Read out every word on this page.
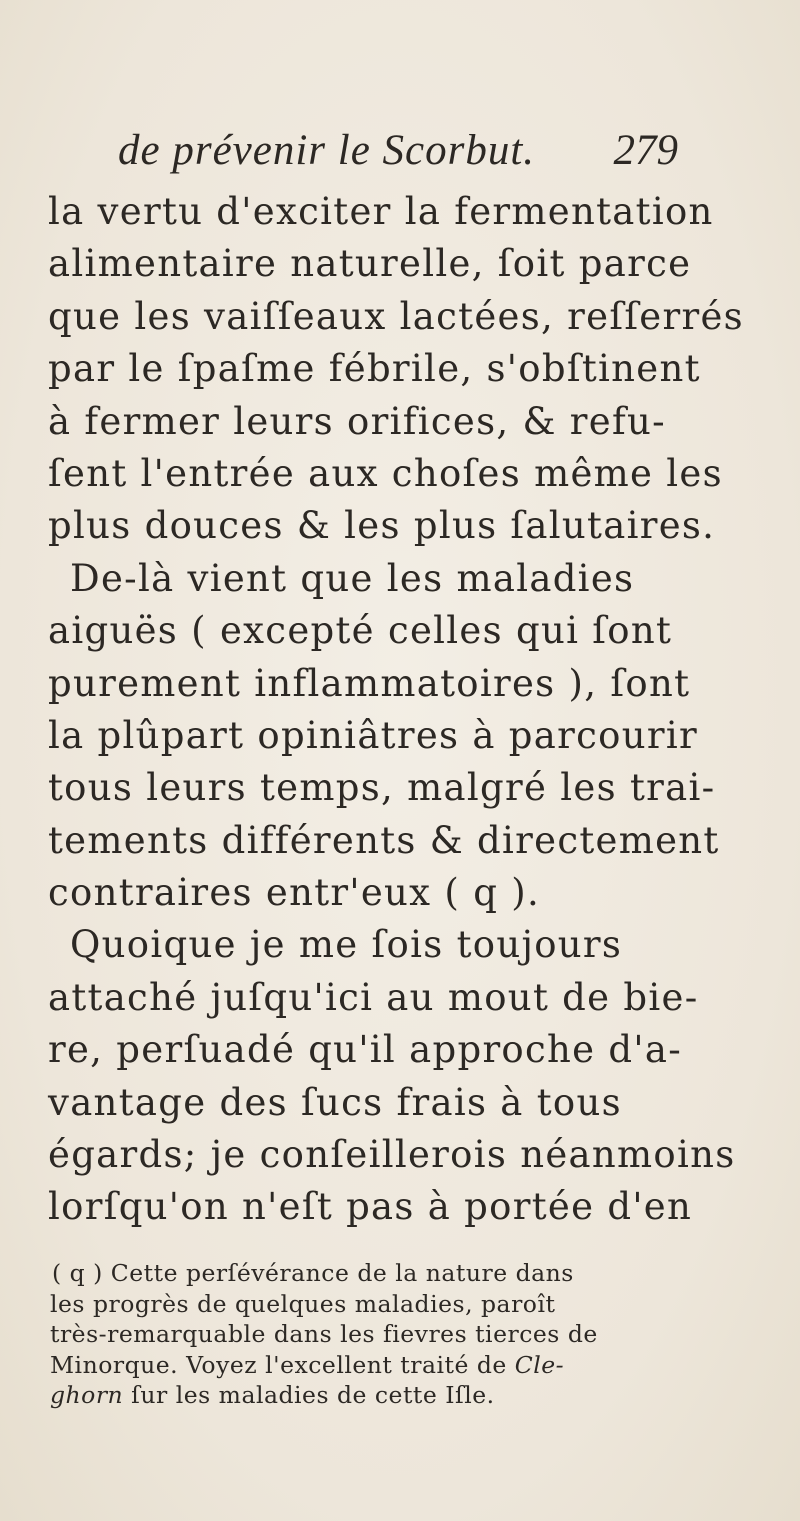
de prévenir le Scorbut. 279
la vertu d'exciter la fermentation
alimentaire naturelle, ſoit parce
que les vaiſſeaux lactées, reſſerrés
par le ſpaſme fébrile, s'obſtinent
à fermer leurs orifices, & refu-
ſent l'entrée aux choſes même les
plus douces & les plus ſalutaires.
De-là vient que les maladies
aiguës ( excepté celles qui ſont
purement inflammatoires ), ſont
la plûpart opiniâtres à parcourir
tous leurs temps, malgré les trai-
tements différents & directement
contraires entr'eux ( q ).
Quoique je me ſois toujours
attaché juſqu'ici au mout de bie-
re, perſuadé qu'il approche d'a-
vantage des ſucs frais à tous
égards; je conſeillerois néanmoins
lorſqu'on n'eſt pas à portée d'en
( q ) Cette perſévérance de la nature dans
les progrès de quelques maladies, paroît
très-remarquable dans les fievres tierces de
Minorque. Voyez l'excellent traité de Cle-
ghorn ſur les maladies de cette Iſle.
